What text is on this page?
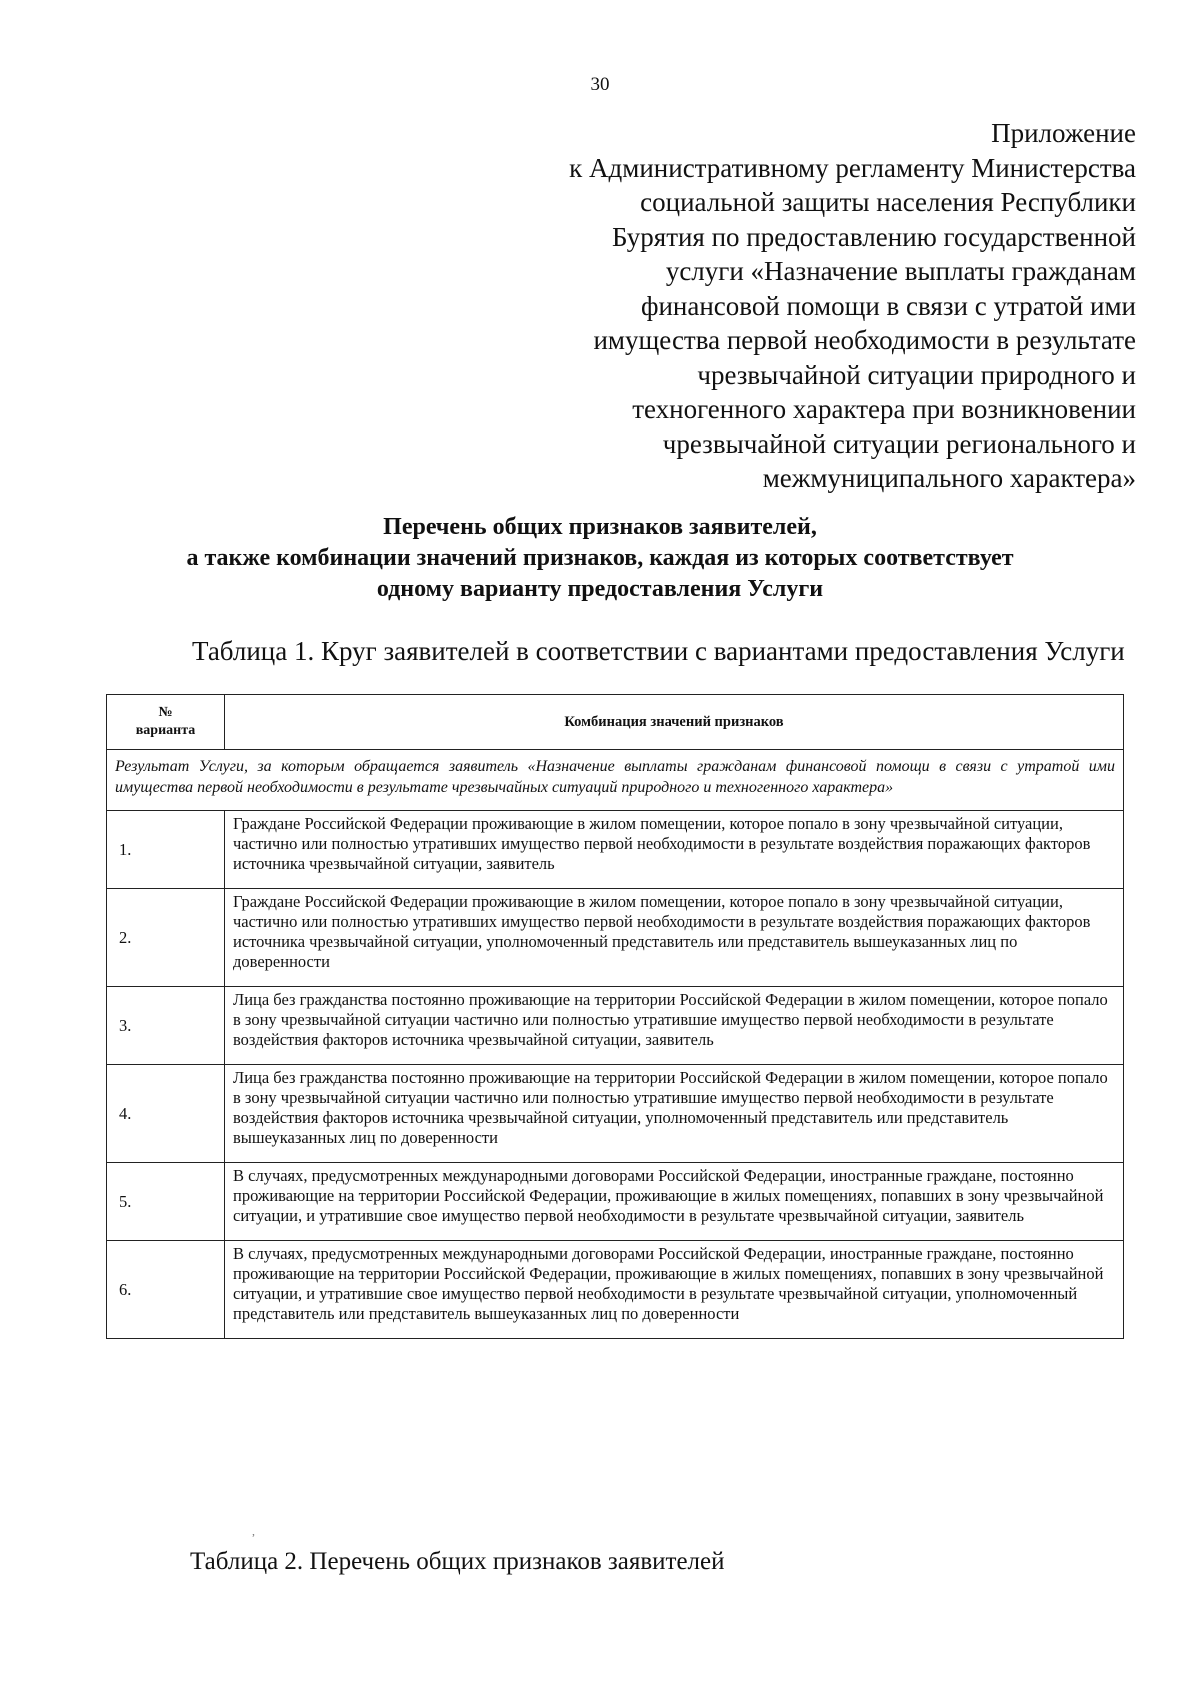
30
Приложение
к Административному регламенту Министерства
социальной защиты населения Республики
Бурятия по предоставлению государственной
услуги «Назначение выплаты гражданам
финансовой помощи в связи с утратой ими
имущества первой необходимости в результате
чрезвычайной ситуации природного и
техногенного характера при возникновении
чрезвычайной ситуации регионального и
межмуниципального характера»
Перечень общих признаков заявителей,
а также комбинации значений признаков, каждая из которых соответствует
одному варианту предоставления Услуги
Таблица 1. Круг заявителей в соответствии с вариантами предоставления Услуги
№
варианта	Комбинация значений признаков
Результат Услуги, за которым обращается заявитель «Назначение выплаты гражданам финансовой помощи в связи с утратой ими имущества первой необходимости в результате чрезвычайных ситуаций природного и техногенного характера»	
1.	Граждане Российской Федерации проживающие в жилом помещении, которое попало в зону чрезвычайной ситуации, частично или полностью утративших имущество первой необходимости в результате воздействия поражающих факторов источника чрезвычайной ситуации, заявитель
2.	Граждане Российской Федерации проживающие в жилом помещении, которое попало в зону чрезвычайной ситуации, частично или полностью утративших имущество первой необходимости в результате воздействия поражающих факторов источника чрезвычайной ситуации, уполномоченный представитель или представитель вышеуказанных лиц по доверенности
3.	Лица без гражданства постоянно проживающие на территории Российской Федерации в жилом помещении, которое попало в зону чрезвычайной ситуации частично или полностью утратившие имущество первой необходимости в результате воздействия факторов источника чрезвычайной ситуации, заявитель
4.	Лица без гражданства постоянно проживающие на территории Российской Федерации в жилом помещении, которое попало в зону чрезвычайной ситуации частично или полностью утратившие имущество первой необходимости в результате воздействия факторов источника чрезвычайной ситуации, уполномоченный представитель или представитель вышеуказанных лиц по доверенности
5.	В случаях, предусмотренных международными договорами Российской Федерации, иностранные граждане, постоянно проживающие на территории Российской Федерации, проживающие в жилых помещениях, попавших в зону чрезвычайной ситуации, и утратившие свое имущество первой необходимости в результате чрезвычайной ситуации, заявитель
6.	В случаях, предусмотренных международными договорами Российской Федерации, иностранные граждане, постоянно проживающие на территории Российской Федерации, проживающие в жилых помещениях, попавших в зону чрезвычайной ситуации, и утратившие свое имущество первой необходимости в результате чрезвычайной ситуации, уполномоченный представитель или представитель вышеуказанных лиц по доверенности
,
Таблица 2. Перечень общих признаков заявителей
